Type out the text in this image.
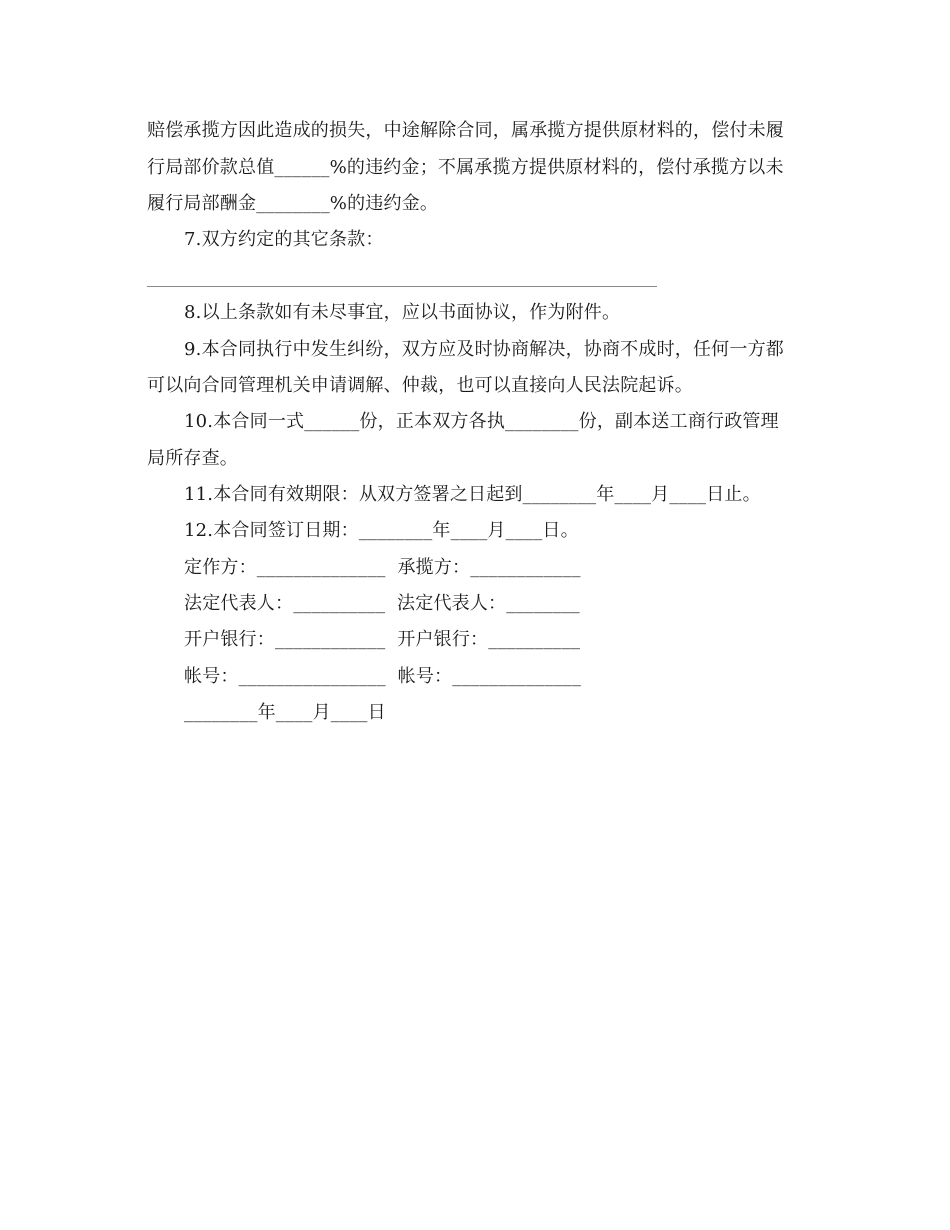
赔偿承揽方因此造成的损失，中途解除合同，属承揽方提供原材料的，偿付未履
行局部价款总值______%的违约金；不属承揽方提供原材料的，偿付承揽方以未
履行局部酬金________%的违约金。
7.双方约定的其它条款：
8.以上条款如有未尽事宜，应以书面协议，作为附件。
9.本合同执行中发生纠纷，双方应及时协商解决，协商不成时，任何一方都
可以向合同管理机关申请调解、仲裁，也可以直接向人民法院起诉。
10.本合同一式______份，正本双方各执________份，副本送工商行政管理
局所存查。
11.本合同有效期限：从双方签署之日起到________年____月____日止。
12.本合同签订日期：________年____月____日。
定作方：______________  承揽方：____________
法定代表人：__________  法定代表人：________
开户银行：____________  开户银行：__________
帐号：________________  帐号：______________
________年____月____日
